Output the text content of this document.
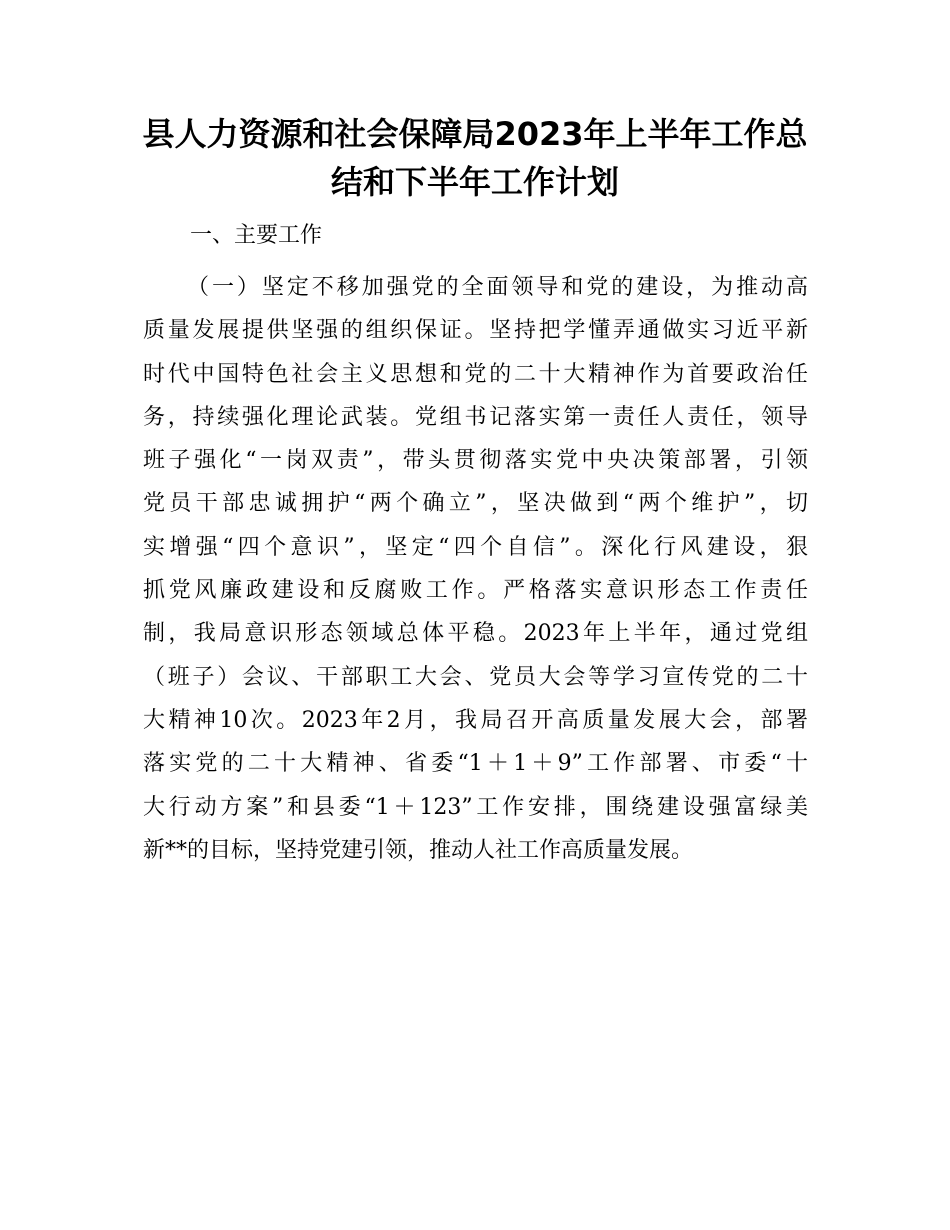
县人力资源和社会保障局2023年上半年工作总结和下半年工作计划

一、主要工作

（一）坚定不移加强党的全面领导和党的建设，为推动高
质量发展提供坚强的组织保证。坚持把学懂弄通做实习近平新
时代中国特色社会主义思想和党的二十大精神作为首要政治任
务，持续强化理论武装。党组书记落实第一责任人责任，领导
班子强化“一岗双责”，带头贯彻落实党中央决策部署，引领
党员干部忠诚拥护“两个确立”，坚决做到“两个维护”，切
实增强“四个意识”，坚定“四个自信”。深化行风建设，狠
抓党风廉政建设和反腐败工作。严格落实意识形态工作责任
制，我局意识形态领域总体平稳。2023年上半年，通过党组
（班子）会议、干部职工大会、党员大会等学习宣传党的二十
大精神10次。2023年2月，我局召开高质量发展大会，部署
落实党的二十大精神、省委“1＋1＋9”工作部署、市委“十
大行动方案”和县委“1＋123”工作安排，围绕建设强富绿美
新**的目标，坚持党建引领，推动人社工作高质量发展。
